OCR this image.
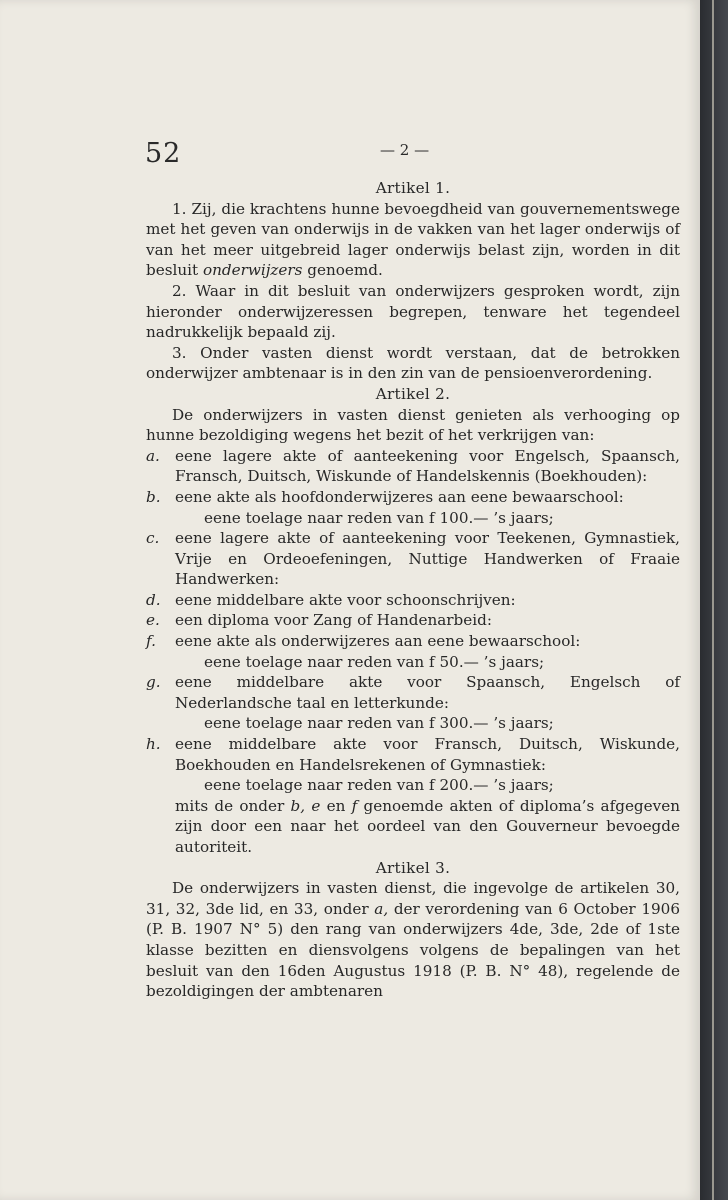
52	— 2 —

Artikel 1.

1. Zij, die krachtens hunne bevoegdheid van gouvernementswege met het geven van onderwijs in de vakken van het lager onderwijs of van het meer uitgebreid lager onderwijs belast zijn, worden in dit besluit onderwijzers genoemd.

2. Waar in dit besluit van onderwijzers gesproken wordt, zijn hieronder onderwijzeressen begrepen, tenware het tegendeel nadrukkelijk bepaald zij.

3. Onder vasten dienst wordt verstaan, dat de betrokken onderwijzer ambtenaar is in den zin van de pensioenverordening.

Artikel 2.

De onderwijzers in vasten dienst genieten als verhooging op hunne bezoldiging wegens het bezit of het verkrijgen van:

a. eene lagere akte of aanteekening voor Engelsch, Spaansch, Fransch, Duitsch, Wiskunde of Handelskennis (Boekhouden):
b. eene akte als hoofdonderwijzeres aan eene bewaarschool:
eene toelage naar reden van f 100.— ’s jaars;
c. eene lagere akte of aanteekening voor Teekenen, Gymnastiek, Vrije en Ordeoefeningen, Nuttige Handwerken of Fraaie Handwerken:
d. eene middelbare akte voor schoonschrijven:
e. een diploma voor Zang of Handenarbeid:
f. eene akte als onderwijzeres aan eene bewaarschool:
eene toelage naar reden van f 50.— ’s jaars;
g. eene middelbare akte voor Spaansch, Engelsch of Nederlandsche taal en letterkunde:
eene toelage naar reden van f 300.— ’s jaars;
h. eene middelbare akte voor Fransch, Duitsch, Wiskunde, Boekhouden en Handelsrekenen of Gymnastiek:
eene toelage naar reden van f 200.— ’s jaars;
mits de onder b, e en f genoemde akten of diploma’s afgegeven zijn door een naar het oordeel van den Gouverneur bevoegde autoriteit.

Artikel 3.

De onderwijzers in vasten dienst, die ingevolge de artikelen 30, 31, 32, 3de lid, en 33, onder a, der verordening van 6 October 1906 (P. B. 1907 N° 5) den rang van onderwijzers 4de, 3de, 2de of 1ste klasse bezitten en diensvolgens volgens de bepalingen van het besluit van den 16den Augustus 1918 (P. B. N° 48), regelende de bezoldigingen der ambtenaren
